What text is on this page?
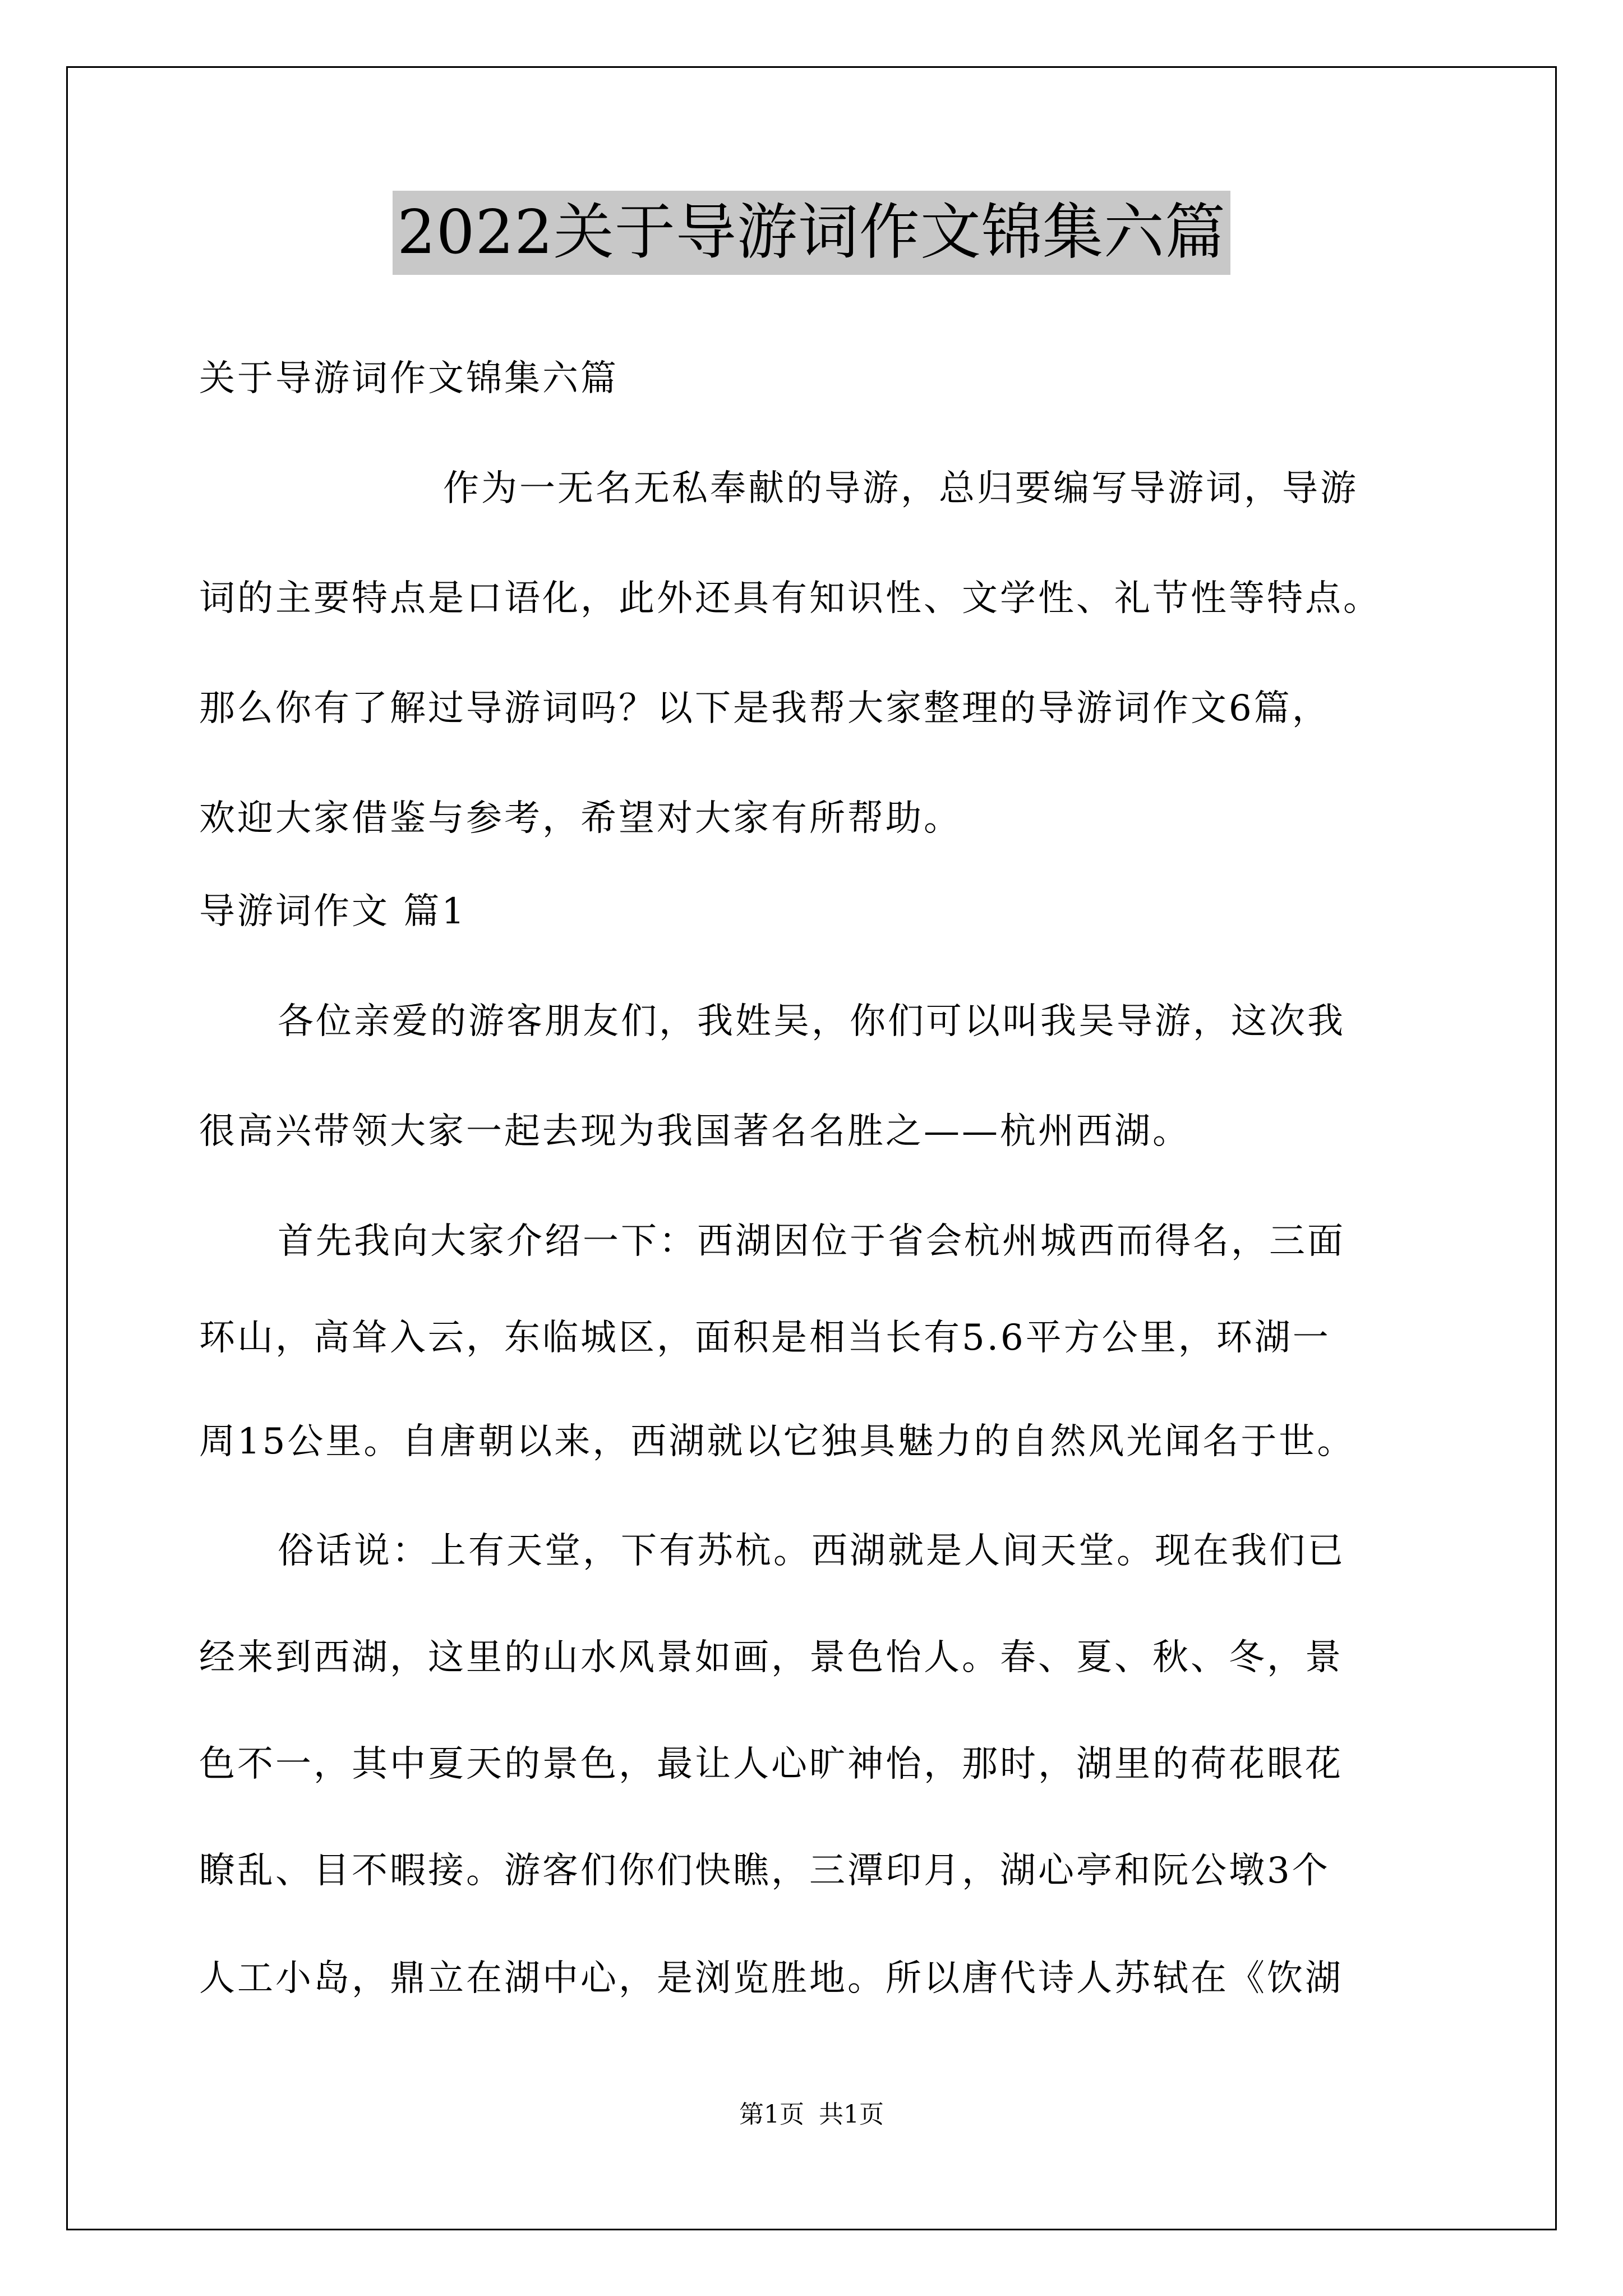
2022关于导游词作文锦集六篇
关于导游词作文锦集六篇
作为一无名无私奉献的导游，总归要编写导游词，导游
词的主要特点是口语化，此外还具有知识性、文学性、礼节性等特点。
那么你有了解过导游词吗？以下是我帮大家整理的导游词作文6篇，
欢迎大家借鉴与参考，希望对大家有所帮助。
导游词作文 篇1
各位亲爱的游客朋友们，我姓吴，你们可以叫我吴导游，这次我
很高兴带领大家一起去现为我国著名名胜之——杭州西湖。
首先我向大家介绍一下：西湖因位于省会杭州城西而得名，三面
环山，高耸入云，东临城区，面积是相当长有5.6平方公里，环湖一
周15公里。自唐朝以来，西湖就以它独具魅力的自然风光闻名于世。
俗话说：上有天堂，下有苏杭。西湖就是人间天堂。现在我们已
经来到西湖，这里的山水风景如画，景色怡人。春、夏、秋、冬，景
色不一，其中夏天的景色，最让人心旷神怡，那时，湖里的荷花眼花
瞭乱、目不暇接。游客们你们快瞧，三潭印月，湖心亭和阮公墩3个
人工小岛，鼎立在湖中心，是浏览胜地。所以唐代诗人苏轼在《饮湖
第1页 共1页
